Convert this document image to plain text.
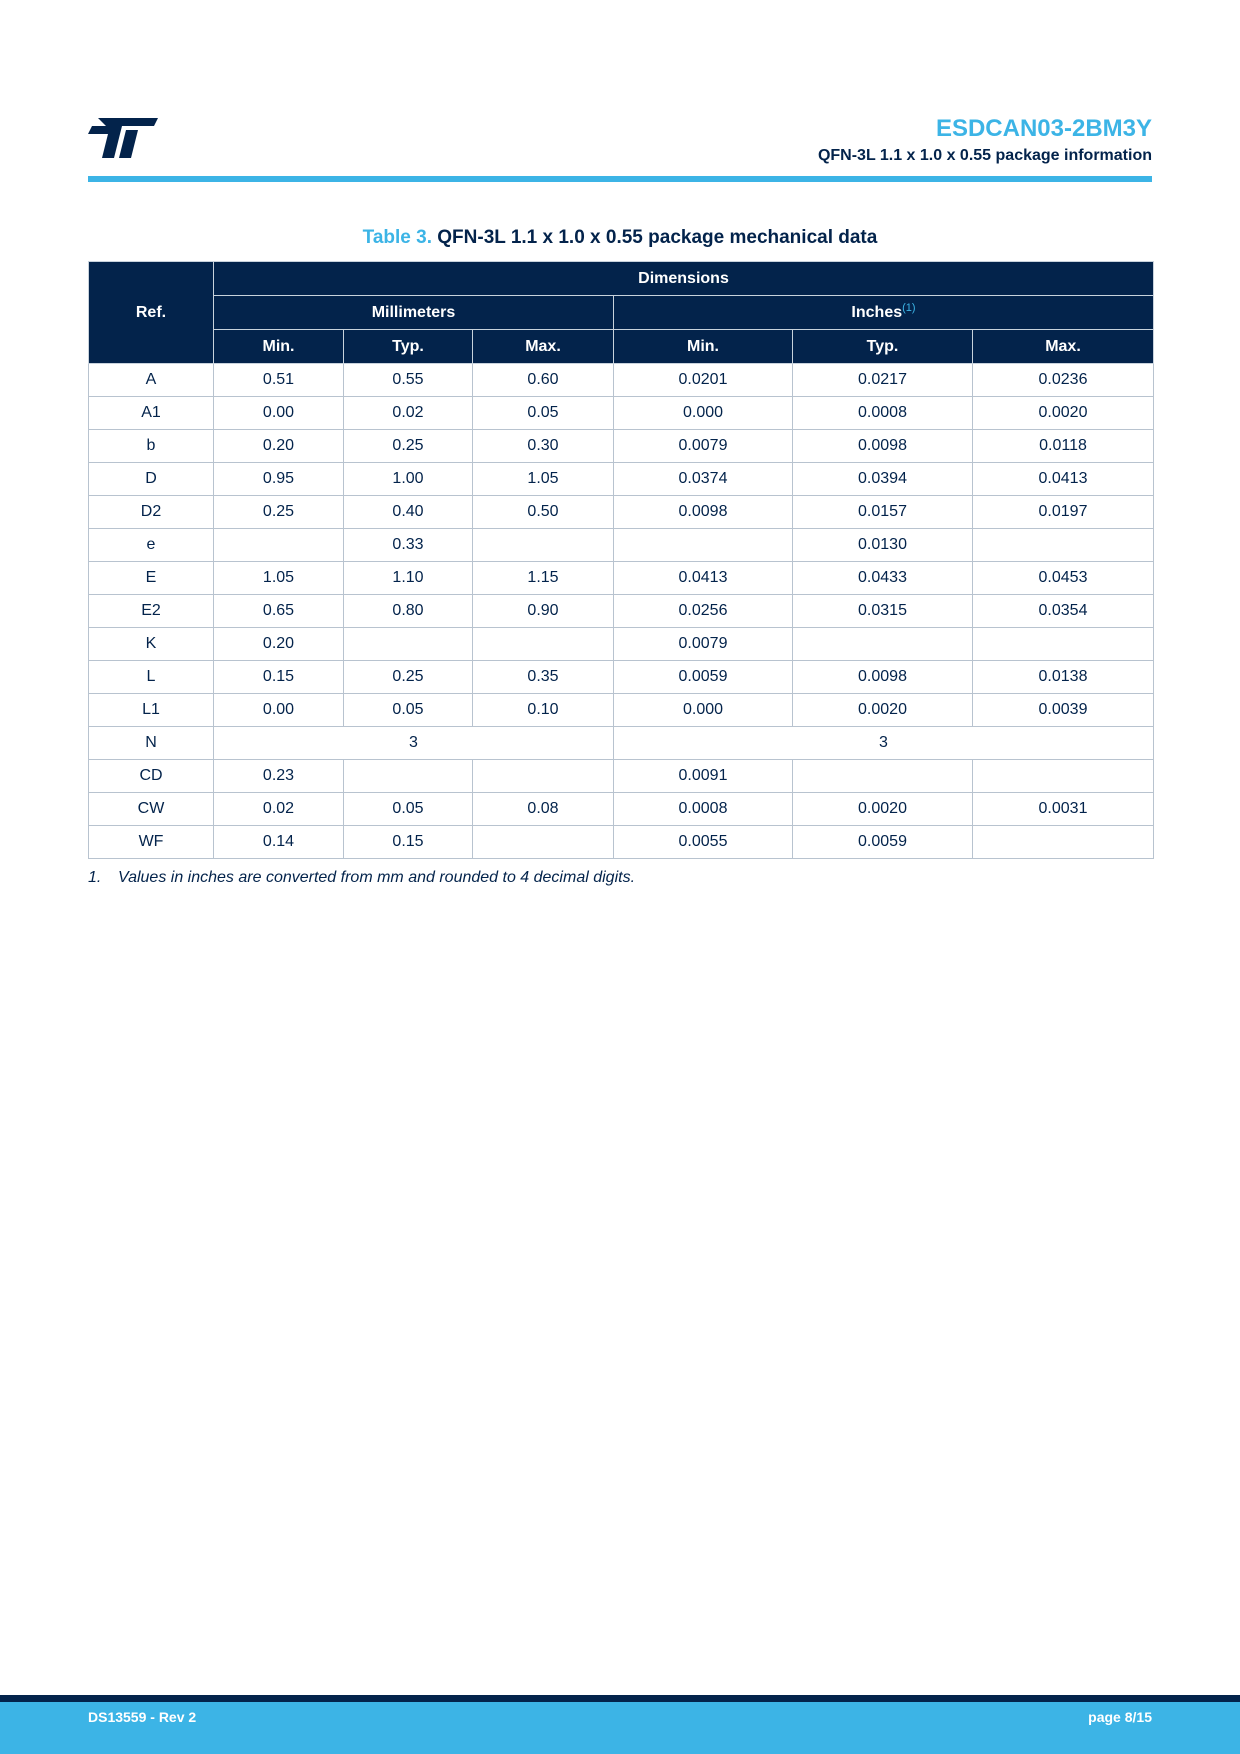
ESDCAN03-2BM3Y
QFN-3L 1.1 x 1.0 x 0.55 package information
Table 3. QFN-3L 1.1 x 1.0 x 0.55 package mechanical data
Ref.	Dimensions					
	Millimeters			Inches$^{(1)}$
	Min.	Typ.	Max.	Min.	Typ.	Max.
A	0.51	0.55	0.60	0.0201	0.0217	0.0236
A1	0.00	0.02	0.05	0.000	0.0008	0.0020
b	0.20	0.25	0.30	0.0079	0.0098	0.0118
D	0.95	1.00	1.05	0.0374	0.0394	0.0413
D2	0.25	0.40	0.50	0.0098	0.0157	0.0197
e		0.33			0.0130	
E	1.05	1.10	1.15	0.0413	0.0433	0.0453
E2	0.65	0.80	0.90	0.0256	0.0315	0.0354
K	0.20			0.0079		
L	0.15	0.25	0.35	0.0059	0.0098	0.0138
L1	0.00	0.05	0.10	0.000	0.0020	0.0039
N	3			3		
CD	0.23			0.0091		
CW	0.02	0.05	0.08	0.0008	0.0020	0.0031
WF	0.14	0.15		0.0055	0.0059	
1. Values in inches are converted from mm and rounded to 4 decimal digits.
DS13559 - Rev 2	page 8/15
